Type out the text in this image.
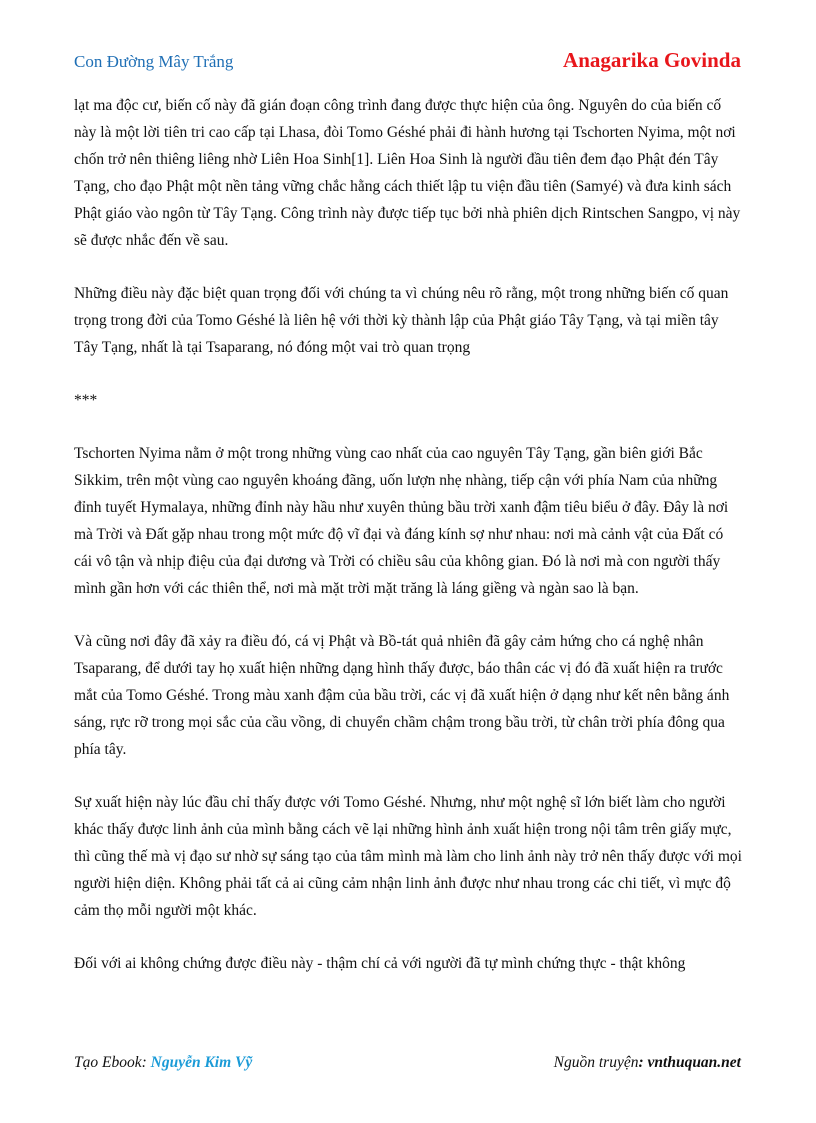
Con Đường Mây Trắng	Anagarika Govinda

lạt ma độc cư, biến cố này đã gián đoạn công trình đang được thực hiện của ông. Nguyên do của biến cố này là một lời tiên tri cao cấp tại Lhasa, đòi Tomo Géshé phải đi hành hương tại Tschorten Nyima, một nơi chốn trở nên thiêng liêng nhờ Liên Hoa Sinh[1]. Liên Hoa Sinh là người đầu tiên đem đạo Phật đén Tây Tạng, cho đạo Phật một nền tảng vững chắc hằng cách thiết lập tu viện đầu tiên (Samyé) và đưa kinh sách Phật giáo vào ngôn từ Tây Tạng. Công trình này được tiếp tục bởi nhà phiên dịch Rintschen Sangpo, vị này sẽ được nhắc đến về sau.

Những điều này đặc biệt quan trọng đối với chúng ta vì chúng nêu rõ rằng, một trong những biến cố quan trọng trong đời của Tomo Géshé là liên hệ với thời kỳ thành lập của Phật giáo Tây Tạng, và tại miền tây Tây Tạng, nhất là tại Tsaparang, nó đóng một vai trò quan trọng

***

Tschorten Nyima nằm ở một trong những vùng cao nhất của cao nguyên Tây Tạng, gần biên giới Bắc Sikkim, trên một vùng cao nguyên khoáng đãng, uốn lượn nhẹ nhàng, tiếp cận với phía Nam của những đỉnh tuyết Hymalaya, những đỉnh này hầu như xuyên thủng bầu trời xanh đậm tiêu biểu ở đây. Đây là nơi mà Trời và Đất gặp nhau trong một mức độ vĩ đại và đáng kính sợ như nhau: nơi mà cảnh vật của Đất có cái vô tận và nhịp điệu của đại dương và Trời có chiều sâu của không gian. Đó là nơi mà con người thấy mình gần hơn với các thiên thể, nơi mà mặt trời mặt trăng là láng giềng và ngàn sao là bạn.

Và cũng nơi đây đã xảy ra điều đó, cá vị Phật và Bồ-tát quả nhiên đã gây cảm hứng cho cá nghệ nhân Tsaparang, để dưới tay họ xuất hiện những dạng hình thấy được, báo thân các vị đó đã xuất hiện ra trước mắt của Tomo Géshé. Trong màu xanh đậm của bầu trời, các vị đã xuất hiện ở dạng như kết nên bằng ánh sáng, rực rỡ trong mọi sắc của cầu vồng, di chuyển chầm chậm trong bầu trời, từ chân trời phía đông qua phía tây.

Sự xuất hiện này lúc đầu chỉ thấy được với Tomo Géshé. Nhưng, như một nghệ sĩ lớn biết làm cho người khác thấy được linh ảnh của mình bằng cách vẽ lại những hình ảnh xuất hiện trong nội tâm trên giấy mực, thì cũng thế mà vị đạo sư nhờ sự sáng tạo của tâm mình mà làm cho linh ảnh này trở nên thấy được với mọi người hiện diện. Không phải tất cả ai cũng cảm nhận linh ảnh được như nhau trong các chi tiết, vì mực độ cảm thọ mỗi người một khác.

Đối với ai không chứng được điều này - thậm chí cả với người đã tự mình chứng thực - thật không

Tạo Ebook: Nguyễn Kim Vỹ	Nguồn truyện: vnthuquan.net
